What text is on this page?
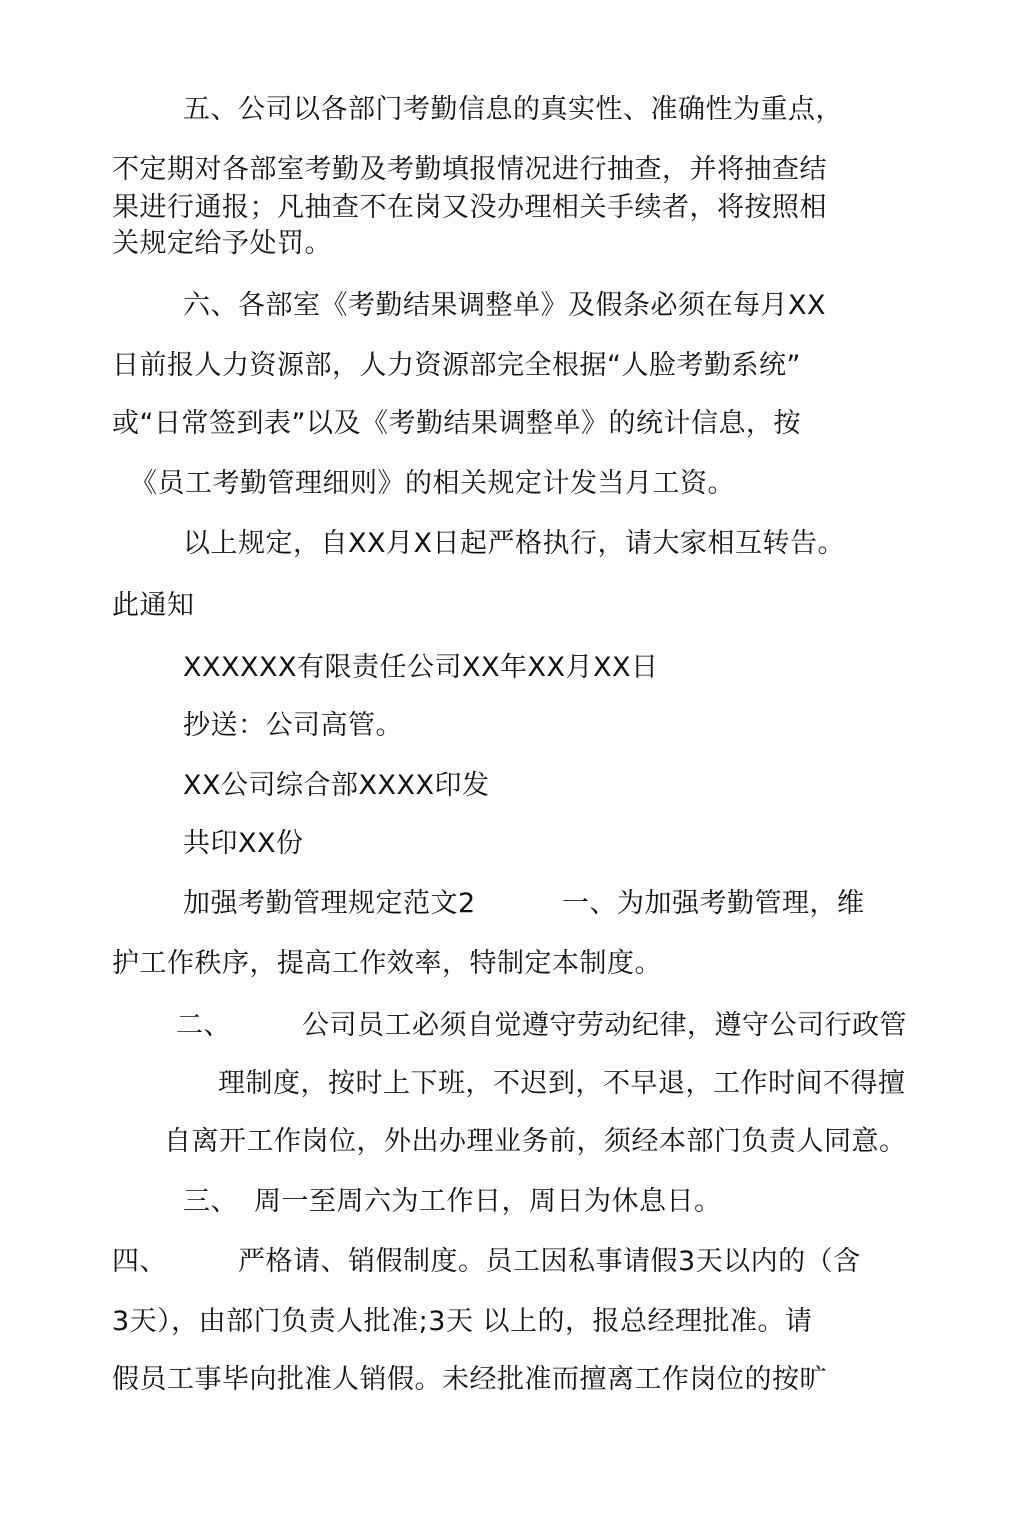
五、公司以各部门考勤信息的真实性、准确性为重点，
不定期对各部室考勤及考勤填报情况进行抽查，并将抽查结
果进行通报；凡抽查不在岗又没办理相关手续者，将按照相
关规定给予处罚。
六、各部室《考勤结果调整单》及假条必须在每月XX
日前报人力资源部，人力资源部完全根据“人脸考勤系统”
或“日常签到表”以及《考勤结果调整单》的统计信息，按
《员工考勤管理细则》的相关规定计发当月工资。
以上规定，自XX月X日起严格执行，请大家相互转告。
此通知
XXXXXX有限责任公司XX年XX月XX日
抄送：公司高管。
XX公司综合部XXXX印发
共印XX份
加强考勤管理规定范文2	一、为加强考勤管理，维
护工作秩序，提高工作效率，特制定本制度。
二、	公司员工必须自觉遵守劳动纪律，遵守公司行政管
理制度，按时上下班，不迟到，不早退，工作时间不得擅
自离开工作岗位，外出办理业务前，须经本部门负责人同意。
三、 周一至周六为工作日，周日为休息日。
四、	严格请、销假制度。员工因私事请假3天以内的（含
3天），由部门负责人批准;3天 以上的，报总经理批准。请
假员工事毕向批准人销假。未经批准而擅离工作岗位的按旷
